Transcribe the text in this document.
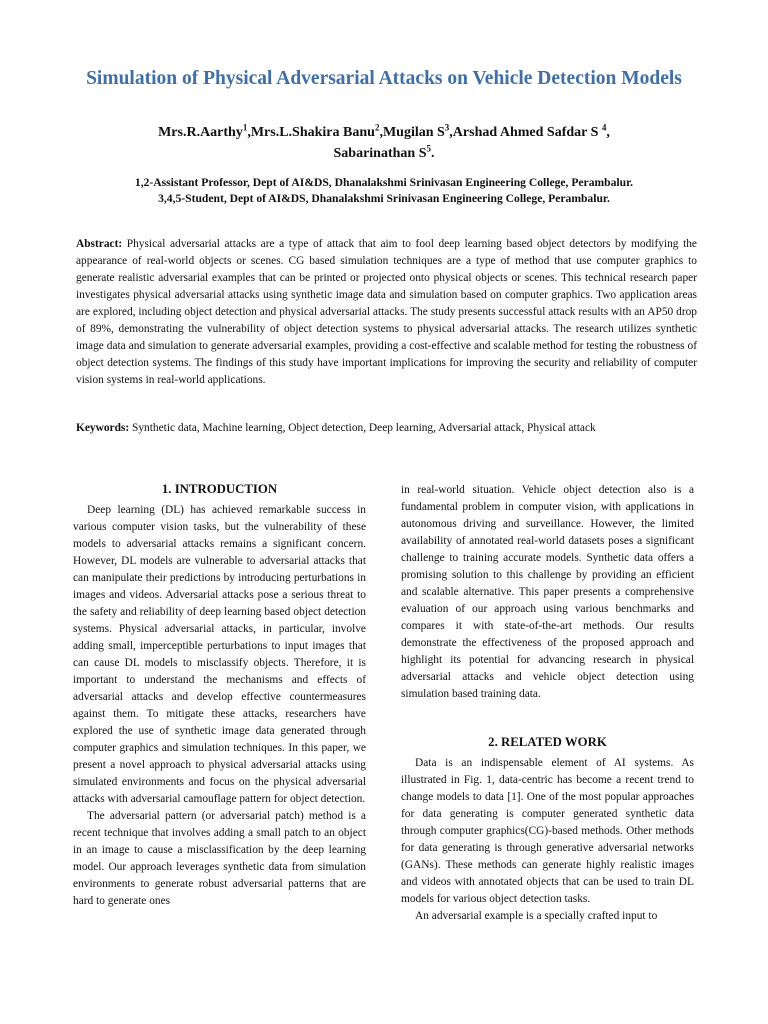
Simulation of Physical Adversarial Attacks on Vehicle Detection Models
Mrs.R.Aarthy$^1$,Mrs.L.Shakira Banu$^2$,Mugilan $S^3,Arshad$ Ahmed Safdar S $^4$,
Sabarinathan $S^5$.
1,2-Assistant Professor, Dept of AI&DS, Dhanalakshmi Srinivasan Engineering College, Perambalur.
3,4,5-Student, Dept of AI&DS, Dhanalakshmi Srinivasan Engineering College, Perambalur.
Abstract: Physical adversarial attacks are a type of attack that aim to fool deep learning based object detectors by modifying the appearance of real-world objects or scenes. CG based simulation techniques are a type of method that use computer graphics to generate realistic adversarial examples that can be printed or projected onto physical objects or scenes. This technical research paper investigates physical adversarial attacks using synthetic image data and simulation based on computer graphics. Two application areas are explored, including object detection and physical adversarial attacks. The study presents successful attack results with an AP50 drop of 89%, demonstrating the vulnerability of object detection systems to physical adversarial attacks. The research utilizes synthetic image data and simulation to generate adversarial examples, providing a cost-effective and scalable method for testing the robustness of object detection systems. The findings of this study have important implications for improving the security and reliability of computer vision systems in real-world applications.
Keywords: Synthetic data, Machine learning, Object detection, Deep learning, Adversarial attack, Physical attack
1. INTRODUCTION

Deep learning (DL) has achieved remarkable success in various computer vision tasks, but the vulnerability of these models to adversarial attacks remains a significant concern. However, DL models are vulnerable to adversarial attacks that can manipulate their predictions by introducing perturbations in images and videos. Adversarial attacks pose a serious threat to the safety and reliability of deep learning based object detection systems. Physical adversarial attacks, in particular, involve adding small, imperceptible perturbations to input images that can cause DL models to misclassify objects. Therefore, it is important to understand the mechanisms and effects of adversarial attacks and develop effective countermeasures against them. To mitigate these attacks, researchers have explored the use of synthetic image data generated through computer graphics and simulation techniques. In this paper, we present a novel approach to physical adversarial attacks using simulated environments and focus on the physical adversarial attacks with adversarial camouflage pattern for object detection.

The adversarial pattern (or adversarial patch) method is a recent technique that involves adding a small patch to an object in an image to cause a misclassification by the deep learning model. Our approach leverages synthetic data from simulation environments to generate robust adversarial patterns that are hard to generate ones

in real-world situation. Vehicle object detection also is a fundamental problem in computer vision, with applications in autonomous driving and surveillance. However, the limited availability of annotated real-world datasets poses a significant challenge to training accurate models. Synthetic data offers a promising solution to this challenge by providing an efficient and scalable alternative. This paper presents a comprehensive evaluation of our approach using various benchmarks and compares it with state-of-the-art methods. Our results demonstrate the effectiveness of the proposed approach and highlight its potential for advancing research in physical adversarial attacks and vehicle object detection using simulation based training data.

2. RELATED WORK

Data is an indispensable element of AI systems. As illustrated in Fig. 1, data-centric has become a recent trend to change models to data [1]. One of the most popular approaches for data generating is computer generated synthetic data through computer graphics(CG)-based methods. Other methods for data generating is through generative adversarial networks (GANs). These methods can generate highly realistic images and videos with annotated objects that can be used to train DL models for various object detection tasks.

An adversarial example is a specially crafted input to
